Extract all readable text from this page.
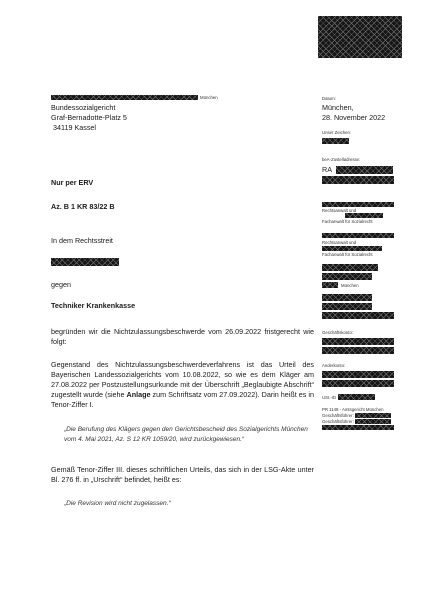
München
Bundessozialgericht
Graf-Bernadotte-Platz 5
34119 Kassel
Datum:
München,
28. November 2022
Unser Zeichen:
beA-Zustelladresse:
RA
Rechtsanwalt und
Fachanwalt für Sozialrecht
Rechtsanwalt und
Fachanwalt für Sozialrecht
München
Geschäftskonto:
Anderkonto:
USt.-ID
PR 1148 - Amtsgericht München
Geschäftsführer:
Geschäftsführer:
Nur per ERV
Az. B 1 KR 83/22 B
In dem Rechtsstreit
gegen
Techniker Krankenkasse
begründen wir die Nichtzulassungsbeschwerde vom 26.09.2022 fristgerecht wie folgt:
Gegenstand des Nichtzulassungsbeschwerdeverfahrens ist das Urteil des Bayerischen Landessozialgerichts vom 10.08.2022, so wie es dem Kläger am 27.08.2022 per Postzustellungsurkunde mit der Überschrift „Beglaubigte Abschrift“ zugestellt wurde (siehe Anlage zum Schriftsatz vom 27.09.2022). Darin heißt es in Tenor-Ziffer I.
„Die Berufung des Klägers gegen den Gerichtsbescheid des Sozialgerichts München vom 4. Mai 2021, Az. S 12 KR 1059/20, wird zurückgewiesen.“
Gemäß Tenor-Ziffer III. dieses schriftlichen Urteils, das sich in der LSG-Akte unter Bl. 276 ff. in „Urschrift“ befindet, heißt es:
„Die Revision wird nicht zugelassen.“
